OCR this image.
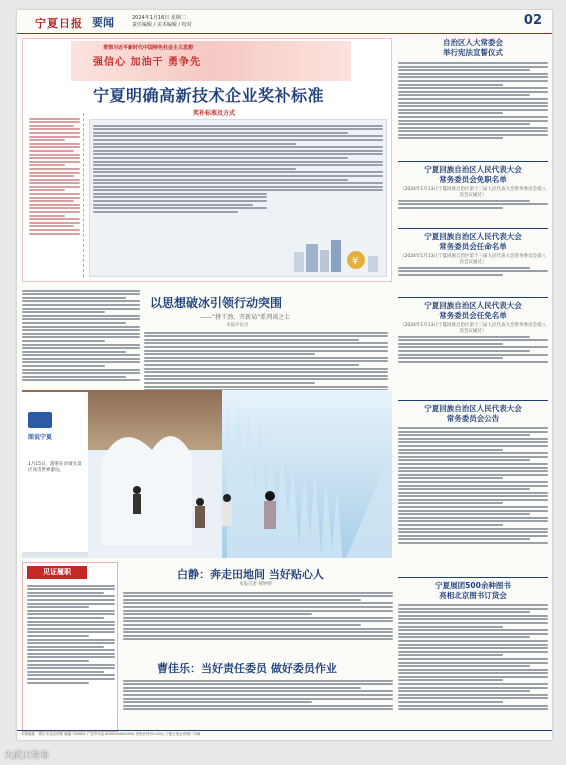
宁夏日报 要闻	2024年1月16日 星期二
责任编辑 / 美术编辑 / 校对	02
贯彻习近平新时代中国特色社会主义思想
强信心 加油干 勇争先
宁夏明确高新技术企业奖补标准
奖补标准及方式
¥
自治区人大常委会
举行宪法宣誓仪式
宁夏回族自治区人民代表大会
常务委员会免职名单
（2024年1月13日宁夏回族自治区第十三届人民代表大会常务委员会第八次会议通过）
宁夏回族自治区人民代表大会
常务委员会任命名单
（2024年1月13日宁夏回族自治区第十三届人民代表大会常务委员会第八次会议通过）
宁夏回族自治区人民代表大会
常务委员会任免名单
（2024年1月13日宁夏回族自治区第十三届人民代表大会常务委员会第八次会议通过）
宁夏回族自治区人民代表大会
常务委员会公告
宁夏展团500余种图书
亮相北京图书订货会
以思想破冰引领行动突围
——“拼干劲、开新局”系列谈之七
本报评论员
图说宁夏
1月15日，游客在沙坡头景区冰雪世界游玩。
见证履职	白静：奔走田地间 当好贴心人
本报记者 郝婷婷
曹佳乐：当好责任委员 做好委员作业
本报地址：银川市北京东路 邮编 750004 广告许可证 6400004000030 零售价每份1.00元 宁夏日报社印刷厂印刷
大武口发布
